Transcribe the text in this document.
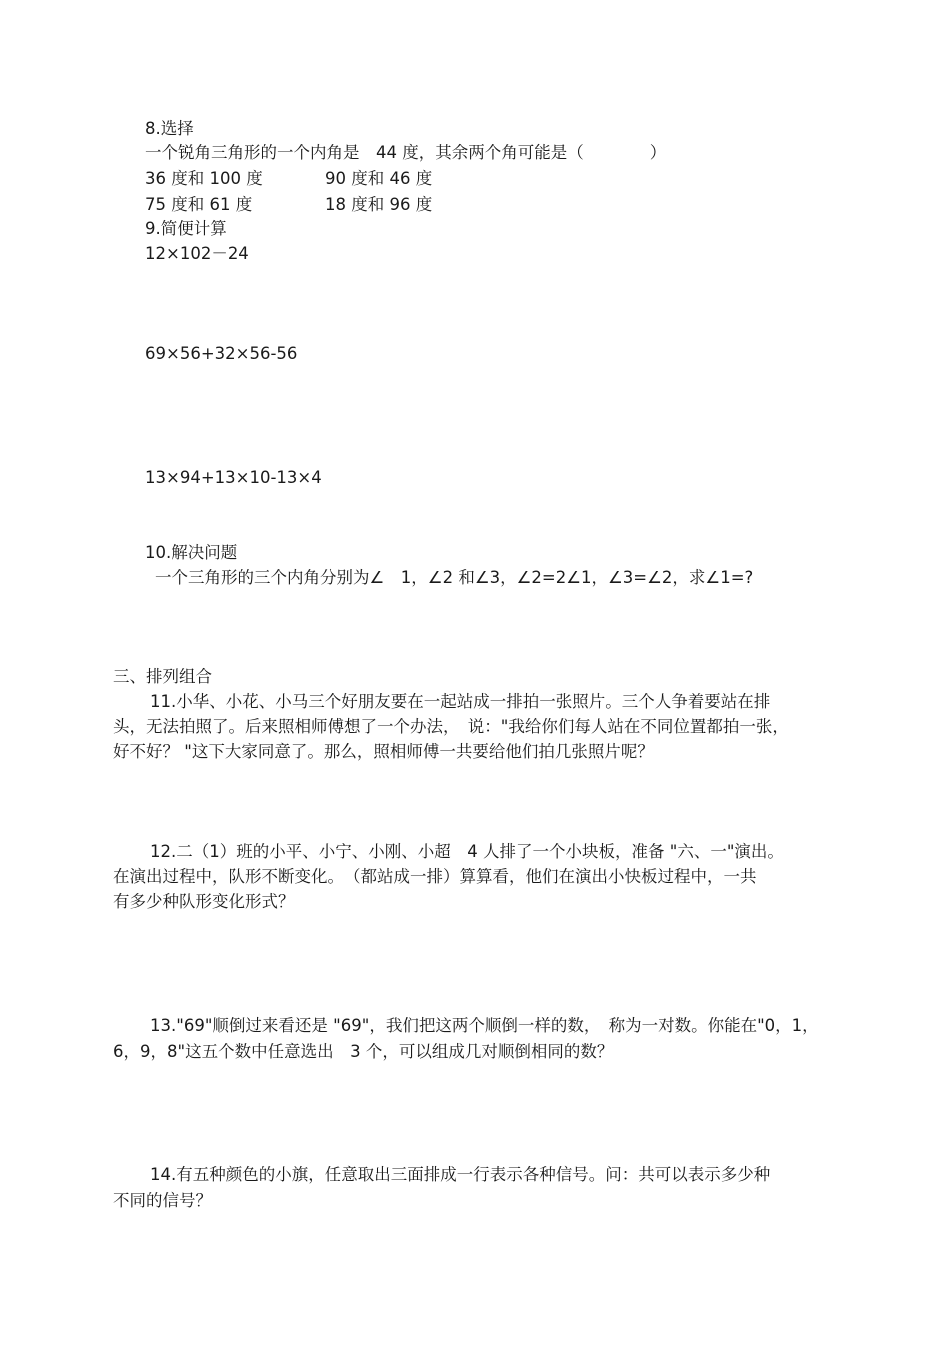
8.选择
一个锐角三角形的一个内角是　44 度，其余两个角可能是（　　　　）
36 度和 100 度	90 度和 46 度
75 度和 61 度	18 度和 96 度
9.简便计算
12×102－24
69×56+32×56-56
13×94+13×10-13×4
10.解决问题
一个三角形的三个内角分别为∠　1，∠2 和∠3，∠2=2∠1，∠3=∠2，求∠1=?
三、排列组合
11.小华、小花、小马三个好朋友要在一起站成一排拍一张照片。三个人争着要站在排
头，无法拍照了。后来照相师傅想了一个办法，　说："我给你们每人站在不同位置都拍一张，
好不好？ "这下大家同意了。那么，照相师傅一共要给他们拍几张照片呢？
12.二（1）班的小平、小宁、小刚、小超　4 人排了一个小块板，准备 "六、一"演出。
在演出过程中，队形不断变化。　（都站成一排）算算看，他们在演出小快板过程中，一共
有多少种队形变化形式？
13."69"顺倒过来看还是 "69"，我们把这两个顺倒一样的数，　称为一对数。你能在"0，1，
6，9，8"这五个数中任意选出　3 个，可以组成几对顺倒相同的数？
14.有五种颜色的小旗，任意取出三面排成一行表示各种信号。问：共可以表示多少种
不同的信号？
